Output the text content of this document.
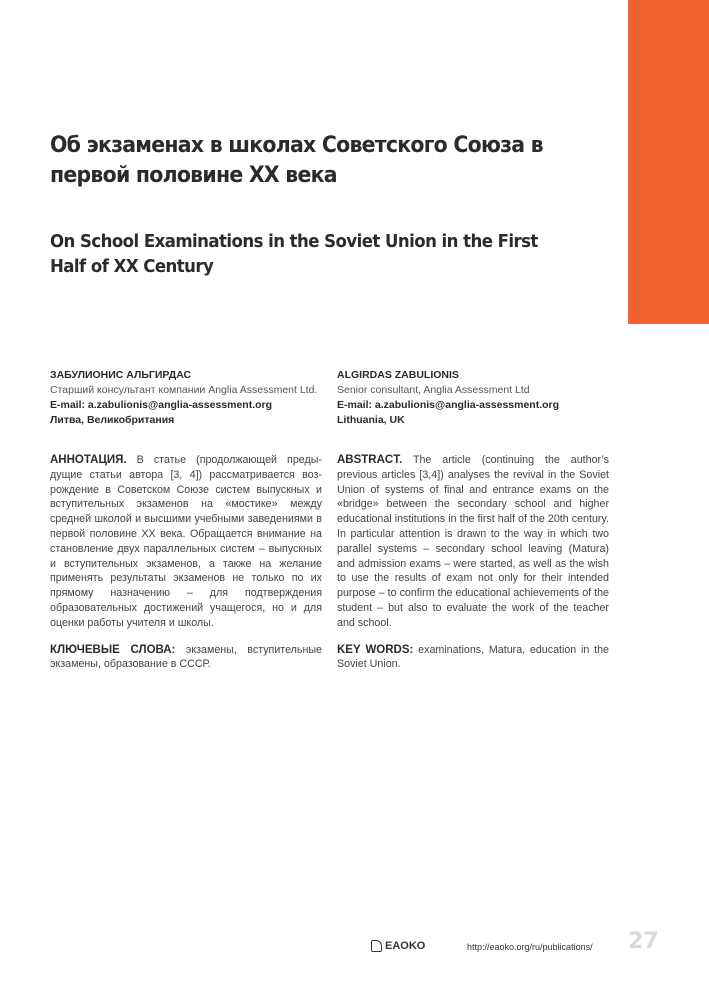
Об экзаменах в школах Советского Союза в первой половине XX века
On School Examinations in the Soviet Union in the First Half of XX Century
ЗАБУЛИОНИС АЛЬГИРДАС
Старший консультант компании Anglia Assessment Ltd.
E-mail: a.zabulionis@anglia-assessment.org
Литва, Великобритания
ALGIRDAS ZABULIONIS
Senior consultant, Anglia Assessment Ltd
E-mail: a.zabulionis@anglia-assessment.org
Lithuania, UK

АННОТАЦИЯ. В статье (продолжающей предыдущие статьи автора [3, 4]) рассматривается возрождение в Советском Союзе систем выпускных и вступительных экзаменов на «мостике» между средней школой и высшими учебными заведениями в первой половине XX века. Обращается внимание на становление двух параллельных систем – выпускных и вступительных экзаменов, а также на желание применять результаты экзаменов не только по их прямому назначению – для подтверждения образовательных достижений учащегося, но и для оценки работы учителя и школы.

КЛЮЧЕВЫЕ СЛОВА: экзамены, вступительные экзамены, образование в СССР.

ABSTRACT. The article (continuing the author’s previous articles [3,4]) analyses the revival in the Soviet Union of systems of final and entrance exams on the «bridge» between the secondary school and higher educational institutions in the first half of the 20th century. In particular attention is drawn to the way in which two parallel systems – secondary school leaving (Matura) and admission exams – were started, as well as the wish to use the results of exam not only for their intended purpose – to confirm the educational achievements of the student – but also to evaluate the work of the teacher and school.

KEY WORDS: examinations, Matura, education in the Soviet Union.

EAOKO	http://eaoko.org/ru/publications/ 27
